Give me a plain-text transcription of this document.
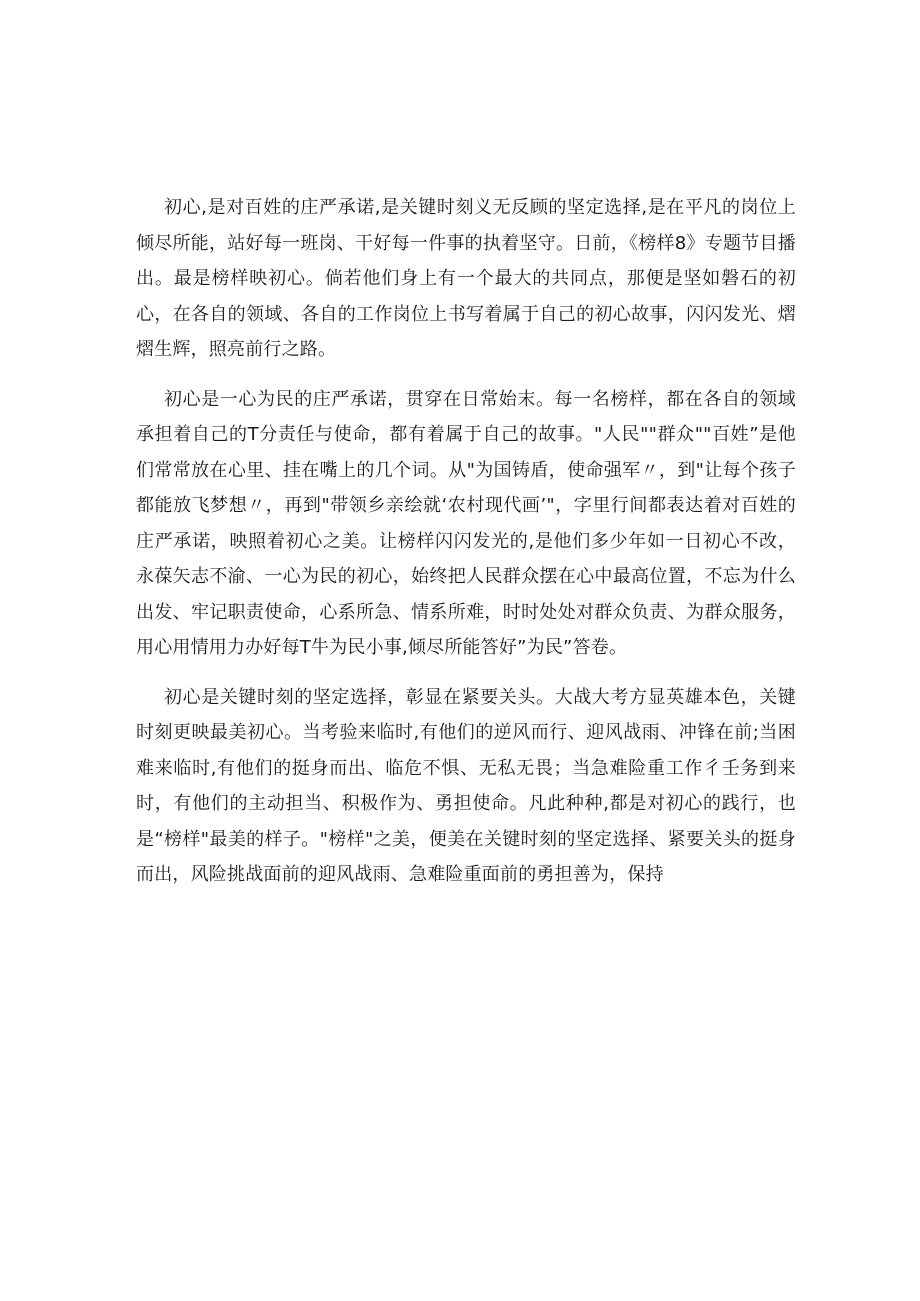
初心,是对百姓的庄严承诺,是关键时刻义无反顾的坚定选择,是在平凡的岗位上倾尽所能，站好每一班岗、干好每一件事的执着坚守。日前，《榜样8》专题节目播出。最是榜样映初心。倘若他们身上有一个最大的共同点，那便是坚如磐石的初心，在各自的领域、各自的工作岗位上书写着属于自己的初心故事，闪闪发光、熠熠生辉，照亮前行之路。

初心是一心为民的庄严承诺，贯穿在日常始末。每一名榜样，都在各自的领域承担着自己的T分责任与使命，都有着属于自己的故事。"人民""群众""百姓”是他们常常放在心里、挂在嘴上的几个词。从"为国铸盾，使命强军〃，到"让每个孩子都能放飞梦想〃，再到"带领乡亲绘就‘农村现代画’"，字里行间都表达着对百姓的庄严承诺，映照着初心之美。让榜样闪闪发光的,是他们多少年如一日初心不改，永葆矢志不渝、一心为民的初心，始终把人民群众摆在心中最高位置，不忘为什么出发、牢记职责使命，心系所急、情系所难，时时处处对群众负责、为群众服务，用心用情用力办好每T牛为民小事,倾尽所能答好”为民”答卷。

初心是关键时刻的坚定选择，彰显在紧要关头。大战大考方显英雄本色，关键时刻更映最美初心。当考验来临时,有他们的逆风而行、迎风战雨、冲锋在前;当困难来临时,有他们的挺身而出、临危不惧、无私无畏；当急难险重工作彳壬务到来时，有他们的主动担当、积极作为、勇担使命。凡此种种,都是对初心的践行，也是“榜样"最美的样子。"榜样"之美，便美在关键时刻的坚定选择、紧要关头的挺身而出，风险挑战面前的迎风战雨、急难险重面前的勇担善为，保持
